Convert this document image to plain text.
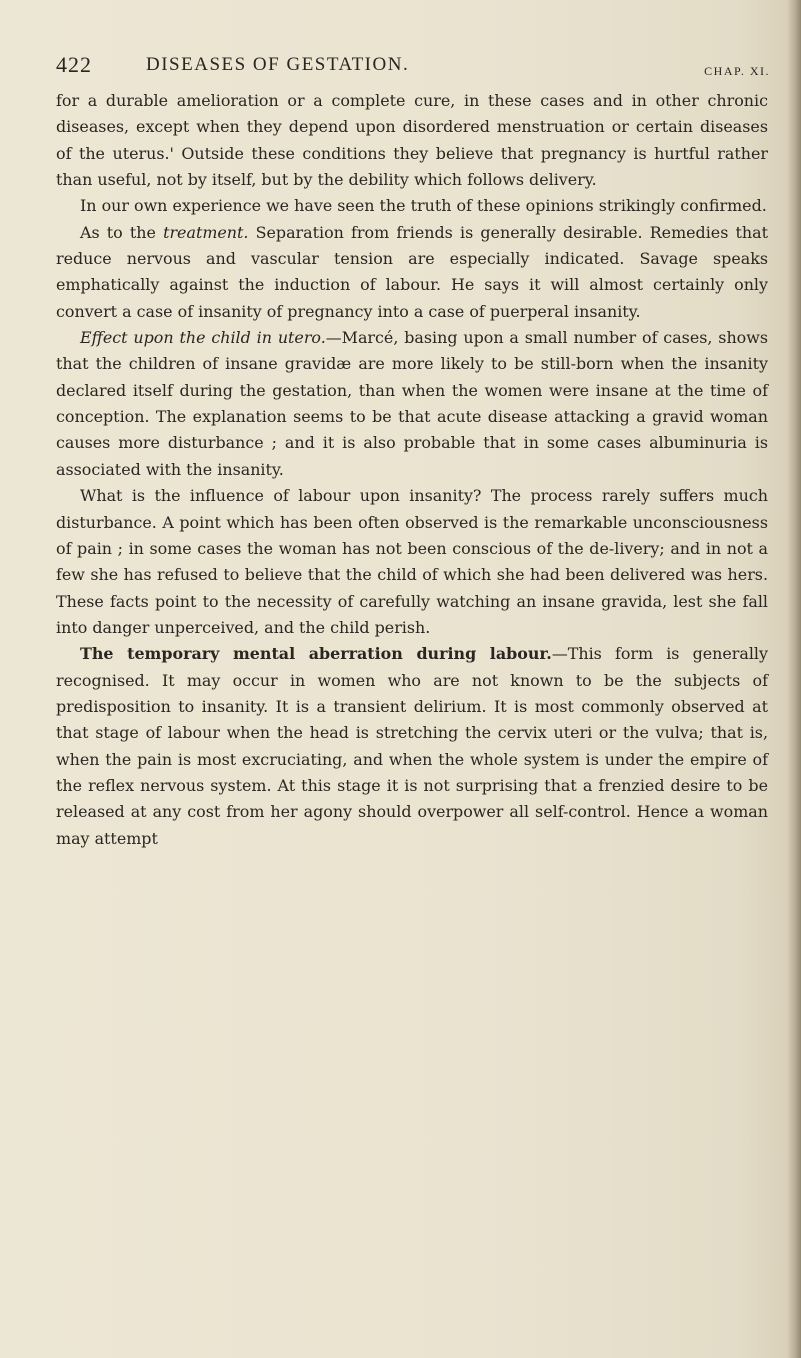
422	DISEASES OF GESTATION.	CHAP. XI.

for a durable amelioration or a complete cure, in these cases and in other chronic diseases, except when they depend upon disordered menstruation or certain diseases of the uterus.' Outside these conditions they believe that pregnancy is hurtful rather than useful, not by itself, but by the debility which follows delivery.

In our own experience we have seen the truth of these opinions strikingly confirmed.

As to the treatment. Separation from friends is generally desirable. Remedies that reduce nervous and vascular tension are especially indicated. Savage speaks emphatically against the induction of labour. He says it will almost certainly only convert a case of insanity of pregnancy into a case of puerperal insanity.

Effect upon the child in utero.—Marcé, basing upon a small number of cases, shows that the children of insane gravidæ are more likely to be still-born when the insanity declared itself during the gestation, than when the women were insane at the time of conception. The explanation seems to be that acute disease attacking a gravid woman causes more disturbance ; and it is also probable that in some cases albuminuria is associated with the insanity.

What is the influence of labour upon insanity? The process rarely suffers much disturbance. A point which has been often observed is the remarkable unconsciousness of pain ; in some cases the woman has not been conscious of the de-livery; and in not a few she has refused to believe that the child of which she had been delivered was hers. These facts point to the necessity of carefully watching an insane gravida, lest she fall into danger unperceived, and the child perish.

The temporary mental aberration during labour.—This form is generally recognised. It may occur in women who are not known to be the subjects of predisposition to insanity. It is a transient delirium. It is most commonly observed at that stage of labour when the head is stretching the cervix uteri or the vulva; that is, when the pain is most excruciating, and when the whole system is under the empire of the reflex nervous system. At this stage it is not surprising that a frenzied desire to be released at any cost from her agony should overpower all self-control. Hence a woman may attempt
